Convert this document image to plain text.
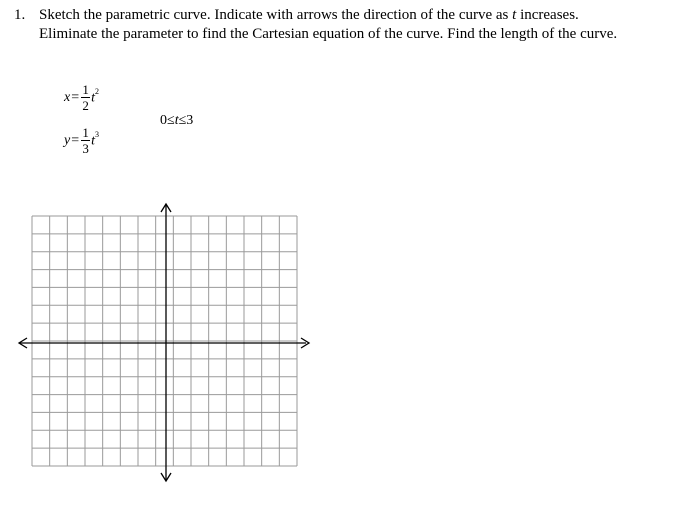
1. Sketch the parametric curve. Indicate with arrows the direction of the curve as t increases.
Eliminate the parameter to find the Cartesian equation of the curve. Find the length of the curve.
$x = \frac{1}{2} t^2$
$y = \frac{1}{3} t^3$
0≤t≤3
